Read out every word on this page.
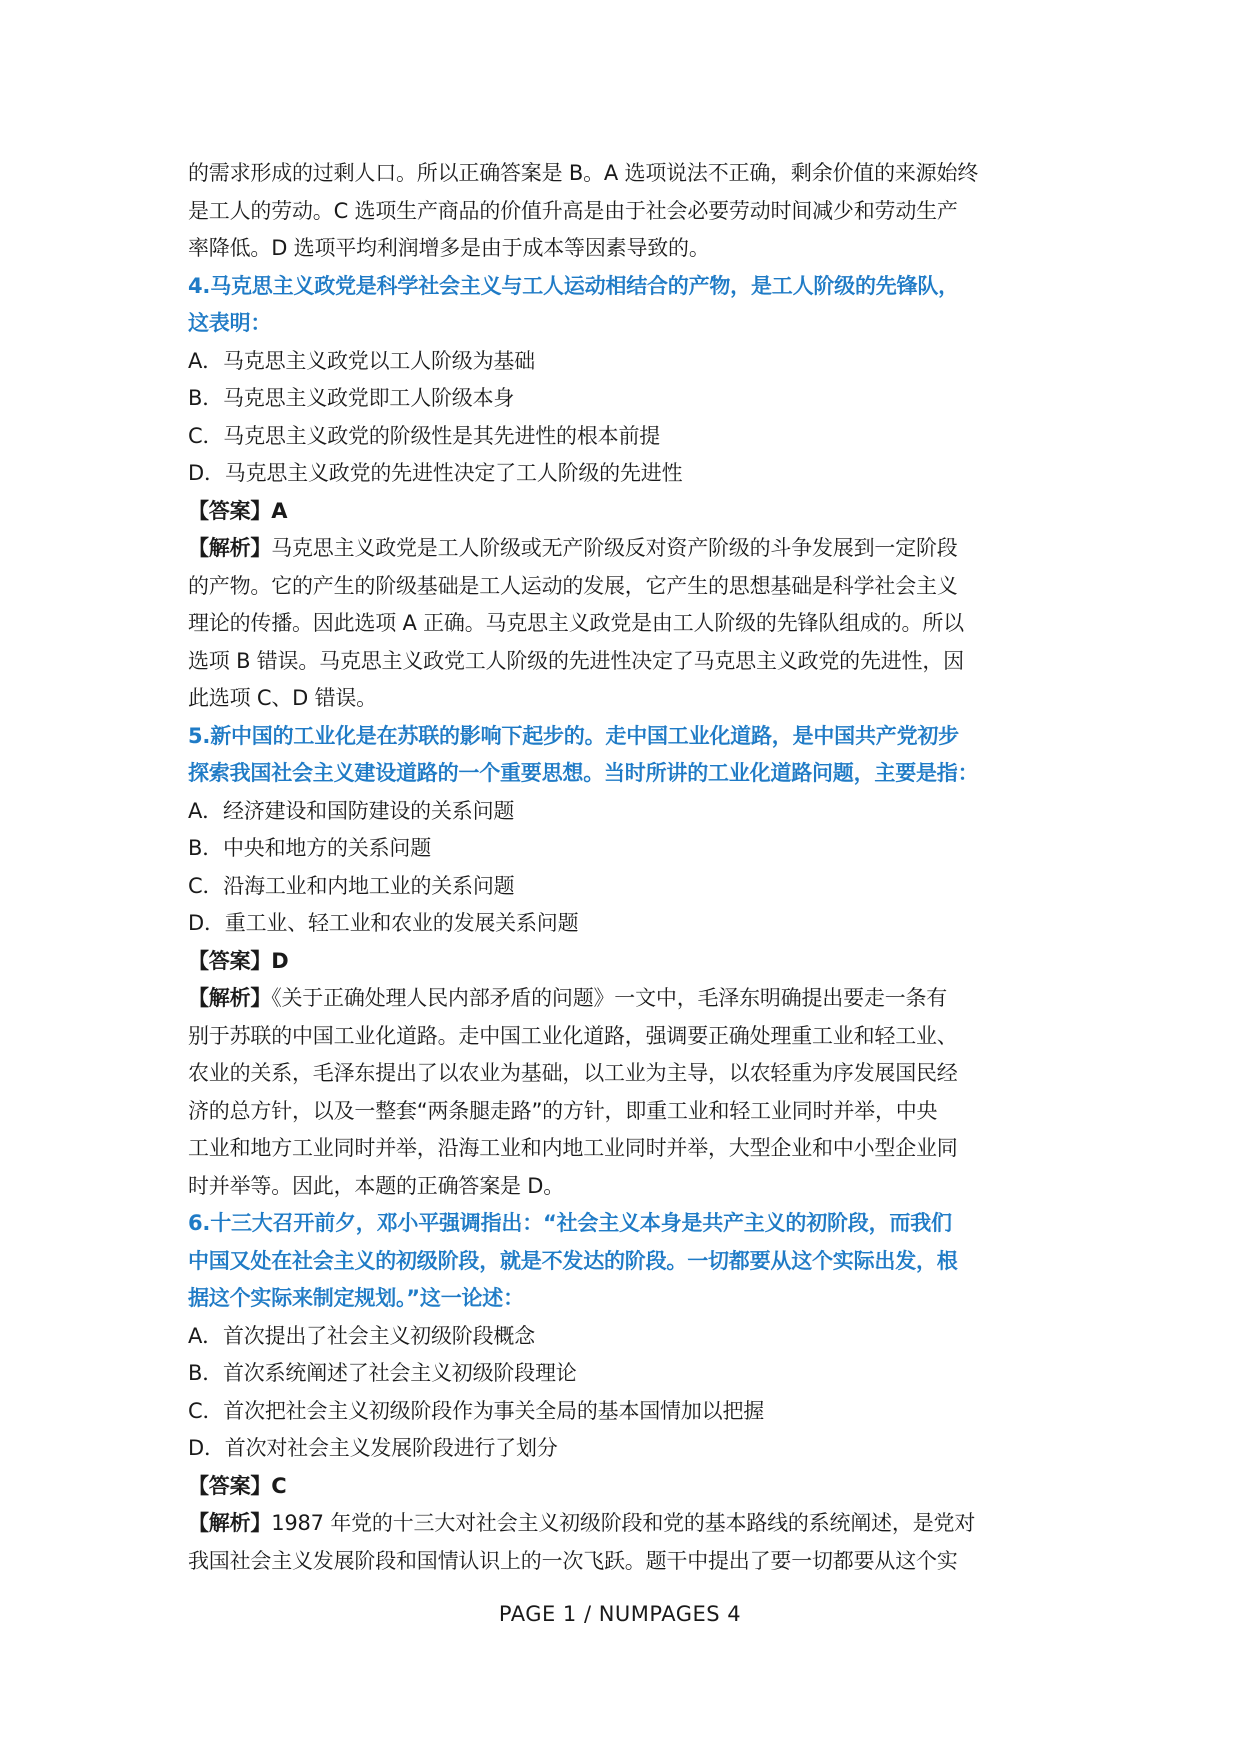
的需求形成的过剩人口。所以正确答案是 B。A 选项说法不正确，剩余价值的来源始终
是工人的劳动。C 选项生产商品的价值升高是由于社会必要劳动时间减少和劳动生产
率降低。D 选项平均利润增多是由于成本等因素导致的。
4.马克思主义政党是科学社会主义与工人运动相结合的产物，是工人阶级的先锋队，
这表明：
A．马克思主义政党以工人阶级为基础
B．马克思主义政党即工人阶级本身
C．马克思主义政党的阶级性是其先进性的根本前提
D．马克思主义政党的先进性决定了工人阶级的先进性
【答案】A
【解析】马克思主义政党是工人阶级或无产阶级反对资产阶级的斗争发展到一定阶段
的产物。它的产生的阶级基础是工人运动的发展，它产生的思想基础是科学社会主义
理论的传播。因此选项 A 正确。马克思主义政党是由工人阶级的先锋队组成的。所以
选项 B 错误。马克思主义政党工人阶级的先进性决定了马克思主义政党的先进性，因
此选项 C、D 错误。
5.新中国的工业化是在苏联的影响下起步的。走中国工业化道路，是中国共产党初步
探索我国社会主义建设道路的一个重要思想。当时所讲的工业化道路问题，主要是指：
A．经济建设和国防建设的关系问题
B．中央和地方的关系问题
C．沿海工业和内地工业的关系问题
D．重工业、轻工业和农业的发展关系问题
【答案】D
【解析】《关于正确处理人民内部矛盾的问题》一文中，毛泽东明确提出要走一条有
别于苏联的中国工业化道路。走中国工业化道路，强调要正确处理重工业和轻工业、
农业的关系，毛泽东提出了以农业为基础，以工业为主导，以农轻重为序发展国民经
济的总方针，以及一整套“两条腿走路”的方针，即重工业和轻工业同时并举，中央
工业和地方工业同时并举，沿海工业和内地工业同时并举，大型企业和中小型企业同
时并举等。因此，本题的正确答案是 D。
6.十三大召开前夕，邓小平强调指出：“社会主义本身是共产主义的初阶段，而我们
中国又处在社会主义的初级阶段，就是不发达的阶段。一切都要从这个实际出发，根
据这个实际来制定规划。”这一论述：
A．首次提出了社会主义初级阶段概念
B．首次系统阐述了社会主义初级阶段理论
C．首次把社会主义初级阶段作为事关全局的基本国情加以把握
D．首次对社会主义发展阶段进行了划分
【答案】C
【解析】1987 年党的十三大对社会主义初级阶段和党的基本路线的系统阐述，是党对
我国社会主义发展阶段和国情认识上的一次飞跃。题干中提出了要一切都要从这个实
PAGE 1 / NUMPAGES 4
